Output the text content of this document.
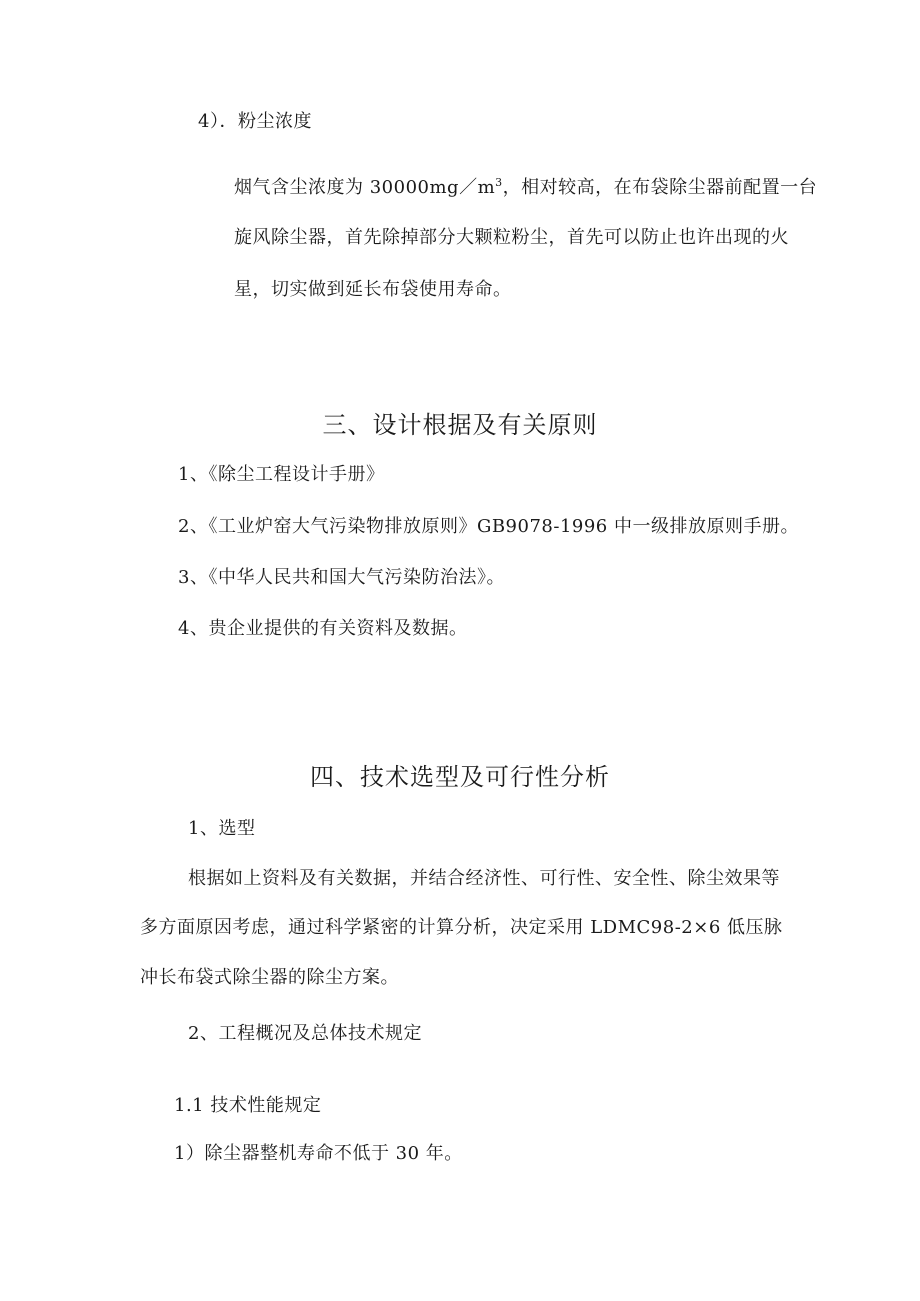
4）．粉尘浓度
烟气含尘浓度为 $30000mg/m^3$，相对较高，在布袋除尘器前配置一台
旋风除尘器，首先除掉部分大颗粒粉尘，首先可以防止也许出现的火
星，切实做到延长布袋使用寿命。
三、设计根据及有关原则
1、《除尘工程设计手册》
2、《工业炉窑大气污染物排放原则》GB9078-1996 中一级排放原则手册。
3、《中华人民共和国大气污染防治法》。
4、贵企业提供的有关资料及数据。
四、技术选型及可行性分析
1、选型
根据如上资料及有关数据，并结合经济性、可行性、安全性、除尘效果等
多方面原因考虑，通过科学紧密的计算分析，决定采用 LDMC98-2×6 低压脉
冲长布袋式除尘器的除尘方案。
2、工程概况及总体技术规定
1.1 技术性能规定
1）除尘器整机寿命不低于 30 年。
